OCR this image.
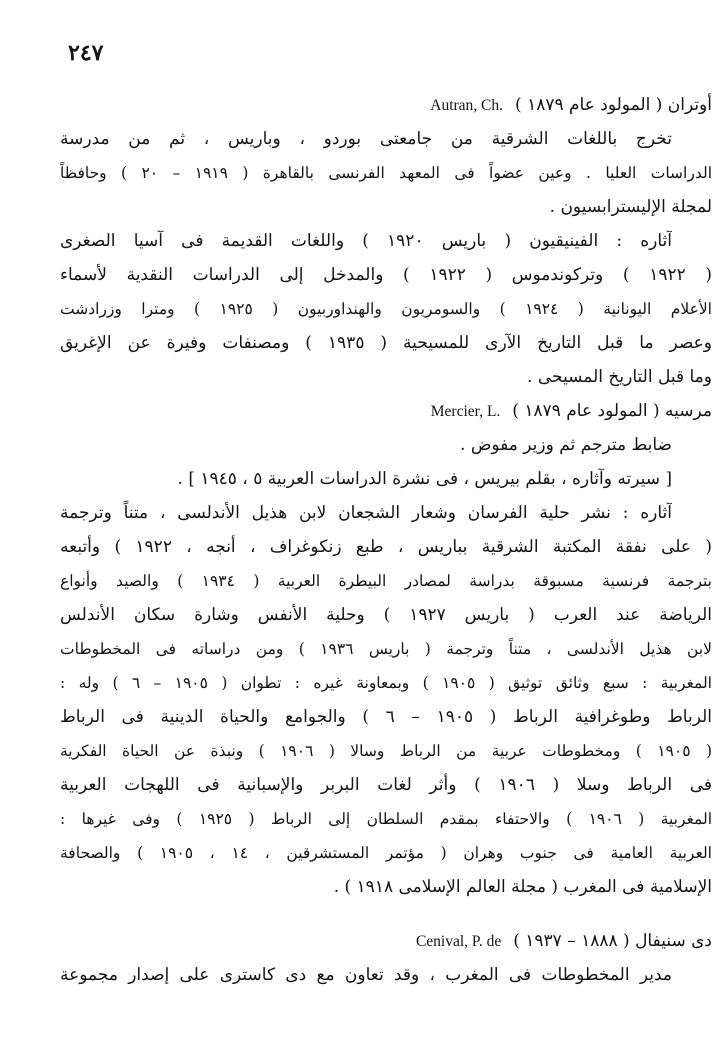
٢٤٧
أوتران ( المولود عام ١٨٧٩ )Autran, Ch.
تخرج باللغات الشرقية من جامعتى بوردو ، وباريس ، ثم من مدرسة
الدراسات العليا . وعين عضواً فى المعهد الفرنسى بالقاهرة ( ١٩١٩ – ٢٠ ) وحافظاً
لمجلة الإليسترابسيون .
آثاره : الفينيقيون ( باريس ١٩٢٠ ) واللغات القديمة فى آسيا الصغرى
( ١٩٢٢ ) وتركوندموس ( ١٩٢٢ ) والمدخل إلى الدراسات النقدية لأسماء
الأعلام اليونانية ( ١٩٢٤ ) والسومريون والهنداوربيون ( ١٩٢٥ ) ومترا وزرادشت
وعصر ما قبل التاريخ الآرى للمسيحية ( ١٩٣٥ ) ومصنفات وفيرة عن الإغريق
وما قبل التاريخ المسيحى .
مرسيه ( المولود عام ١٨٧٩ )Mercier, L.
ضابط مترجم ثم وزير مفوض .
[ سيرته وآثاره ، بقلم بيريس ، فى نشرة الدراسات العربية ٥ ، ١٩٤٥ ] .
آثاره : نشر حلية الفرسان وشعار الشجعان لابن هذيل الأندلسى ، متناً وترجمة
( على نفقة المكتبة الشرقية بباريس ، طبع زنكوغراف ، أنجه ، ١٩٢٢ ) وأتبعه
بترجمة فرنسية مسبوقة بدراسة لمصادر البيطرة العربية ( ١٩٣٤ ) والصيد وأنواع
الرياضة عند العرب ( باريس ١٩٢٧ ) وحلية الأنفس وشارة سكان الأندلس
لابن هذيل الأندلسى ، متناً وترجمة ( باريس ١٩٣٦ ) ومن دراساته فى المخطوطات
المغربية : سبع وثائق توثيق ( ١٩٠٥ ) وبمعاونة غيره : تطوان ( ١٩٠٥ – ٦ ) وله :
الرباط وطوغرافية الرباط ( ١٩٠٥ – ٦ ) والجوامع والحياة الدينية فى الرباط
( ١٩٠٥ ) ومخطوطات عربية من الرباط وسالا ( ١٩٠٦ ) ونبذة عن الحياة الفكرية
فى الرباط وسلا ( ١٩٠٦ ) وأثر لغات البربر والإسبانية فى اللهجات العربية
المغربية ( ١٩٠٦ ) والاحتفاء بمقدم السلطان إلى الرباط ( ١٩٢٥ ) وفى غيرها :
العربية العامية فى جنوب وهران ( مؤتمر المستشرقين ، ١٤ ، ١٩٠٥ ) والصحافة
الإسلامية فى المغرب ( مجلة العالم الإسلامى ١٩١٨ ) .
دى سنيفال ( ١٨٨٨ – ١٩٣٧ )Cenival, P. de
مدير المخطوطات فى المغرب ، وقد تعاون مع دى كاسترى على إصدار مجموعة
